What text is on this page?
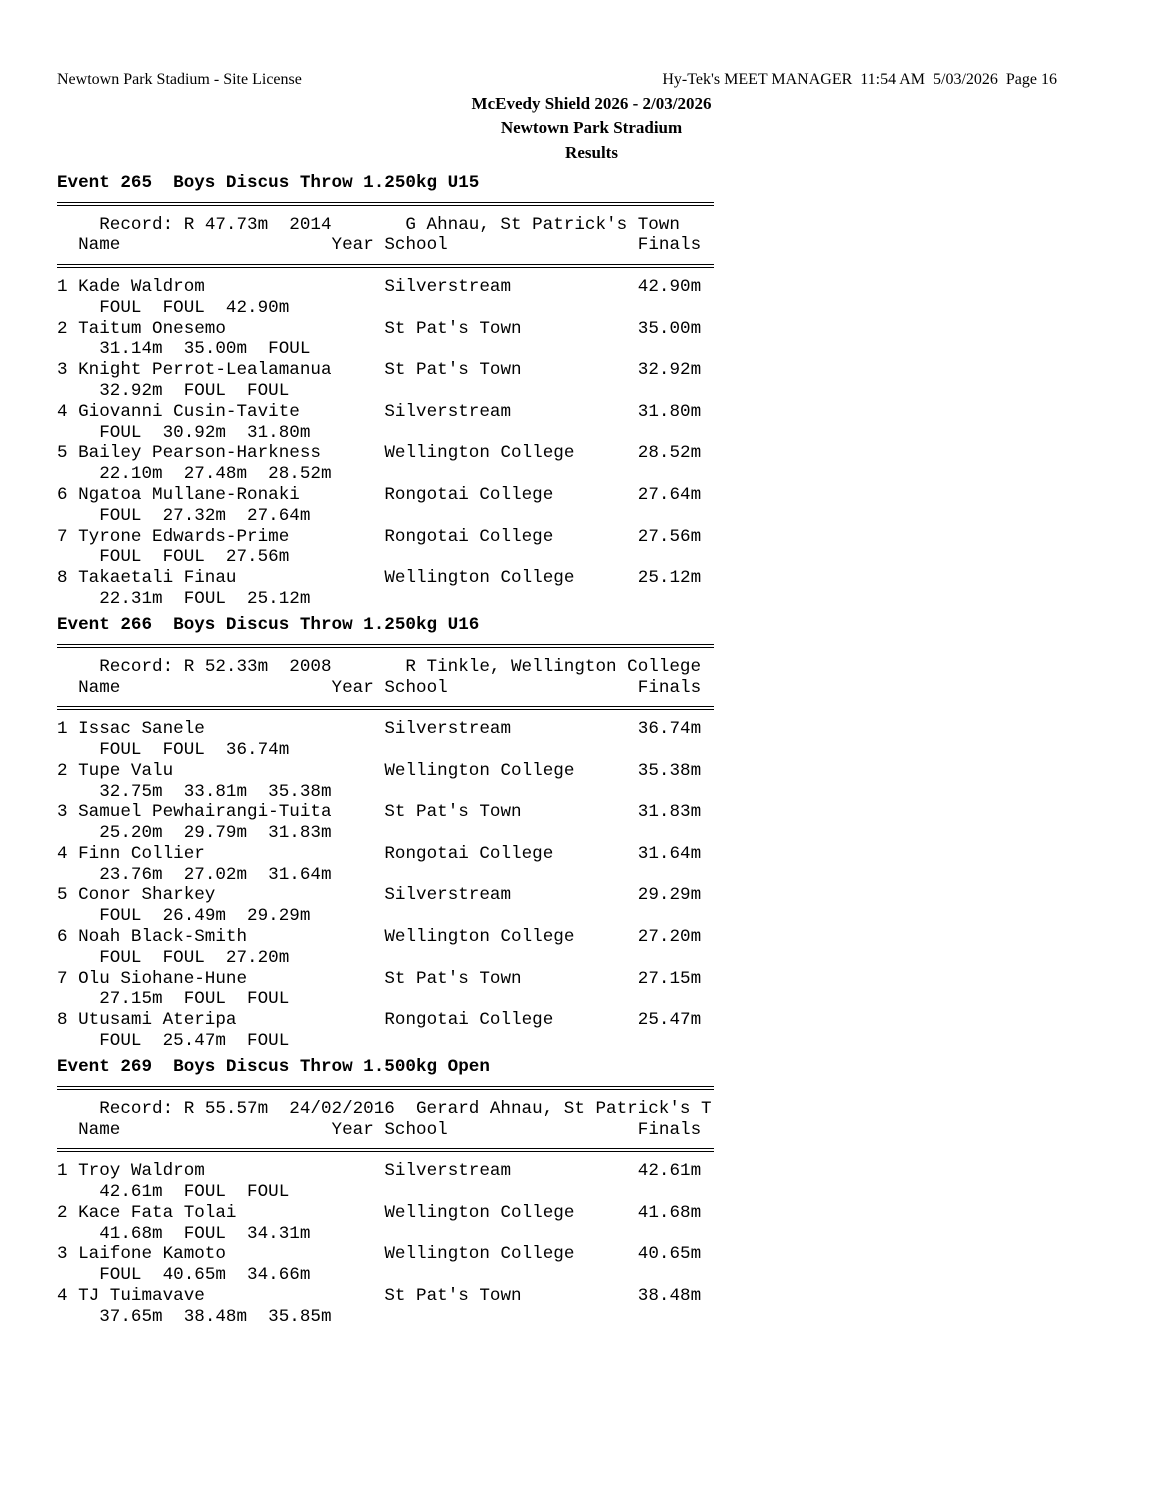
Newtown Park Stadium - Site License	Hy-Tek's MEET MANAGER  11:54 AM  5/03/2026  Page 16
McEvedy Shield 2026 - 2/03/2026
Newtown Park Stradium
Results
Event 265  Boys Discus Throw 1.250kg U15
Record: R 47.73m  2014       G Ahnau, St Patrick's Town
Name	Year School	Finals
1 Kade Waldrom	Silverstream	42.90m
FOUL  FOUL  42.90m
2 Taitum Onesemo	St Pat's Town	35.00m
31.14m  35.00m  FOUL
3 Knight Perrot-Lealamanua	St Pat's Town	32.92m
32.92m  FOUL  FOUL
4 Giovanni Cusin-Tavite	Silverstream	31.80m
FOUL  30.92m  31.80m
5 Bailey Pearson-Harkness	Wellington College	28.52m
22.10m  27.48m  28.52m
6 Ngatoa Mullane-Ronaki	Rongotai College	27.64m
FOUL  27.32m  27.64m
7 Tyrone Edwards-Prime	Rongotai College	27.56m
FOUL  FOUL  27.56m
8 Takaetali Finau	Wellington College	25.12m
22.31m  FOUL  25.12m
Event 266  Boys Discus Throw 1.250kg U16
Record: R 52.33m  2008       R Tinkle, Wellington College
Name	Year School	Finals
1 Issac Sanele	Silverstream	36.74m
FOUL  FOUL  36.74m
2 Tupe Valu	Wellington College	35.38m
32.75m  33.81m  35.38m
3 Samuel Pewhairangi-Tuita	St Pat's Town	31.83m
25.20m  29.79m  31.83m
4 Finn Collier	Rongotai College	31.64m
23.76m  27.02m  31.64m
5 Conor Sharkey	Silverstream	29.29m
FOUL  26.49m  29.29m
6 Noah Black-Smith	Wellington College	27.20m
FOUL  FOUL  27.20m
7 Olu Siohane-Hune	St Pat's Town	27.15m
27.15m  FOUL  FOUL
8 Utusami Ateripa	Rongotai College	25.47m
FOUL  25.47m  FOUL
Event 269  Boys Discus Throw 1.500kg Open
Record: R 55.57m  24/02/2016  Gerard Ahnau, St Patrick's T
Name	Year School	Finals
1 Troy Waldrom	Silverstream	42.61m
42.61m  FOUL  FOUL
2 Kace Fata Tolai	Wellington College	41.68m
41.68m  FOUL  34.31m
3 Laifone Kamoto	Wellington College	40.65m
FOUL  40.65m  34.66m
4 TJ Tuimavave	St Pat's Town	38.48m
37.65m  38.48m  35.85m
